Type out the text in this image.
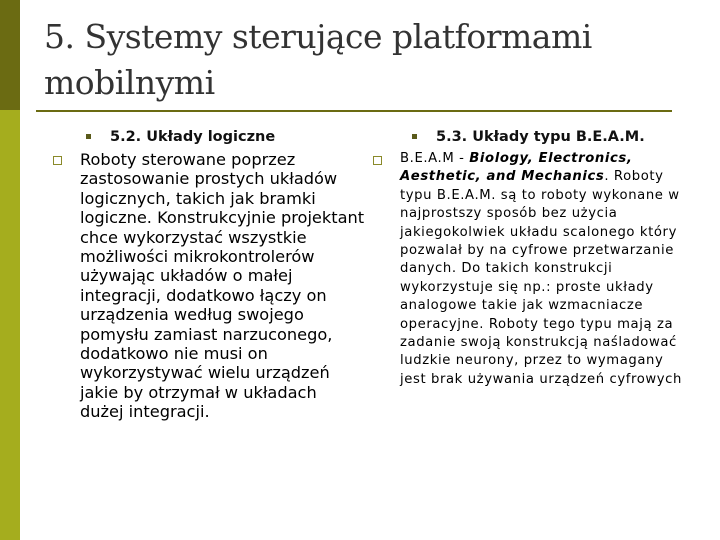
5. Systemy sterujące platformami mobilnymi
5.2. Układy logiczne

Roboty sterowane poprzez zastosowanie prostych układów logicznych, takich jak bramki logiczne. Konstrukcyjnie projektant chce wykorzystać wszystkie możliwości mikrokontrolerów używając układów o małej integracji, dodatkowo łączy on urządzenia według swojego pomysłu zamiast narzuconego, dodatkowo nie musi on wykorzystywać wielu urządzeń jakie by otrzymał w układach dużej integracji.

5.3. Układy typu B.E.A.M.

B.E.A.M - Biology, Electronics, Aesthetic, and Mechanics. Roboty typu B.E.A.M. są to roboty wykonane w najprostszy sposób bez użycia jakiegokolwiek układu scalonego który pozwalał by na cyfrowe przetwarzanie danych. Do takich konstrukcji wykorzystuje się np.: proste układy analogowe takie jak wzmacniacze operacyjne. Roboty tego typu mają za zadanie swoją konstrukcją naśladować ludzkie neurony, przez to wymagany jest brak używania urządzeń cyfrowych
